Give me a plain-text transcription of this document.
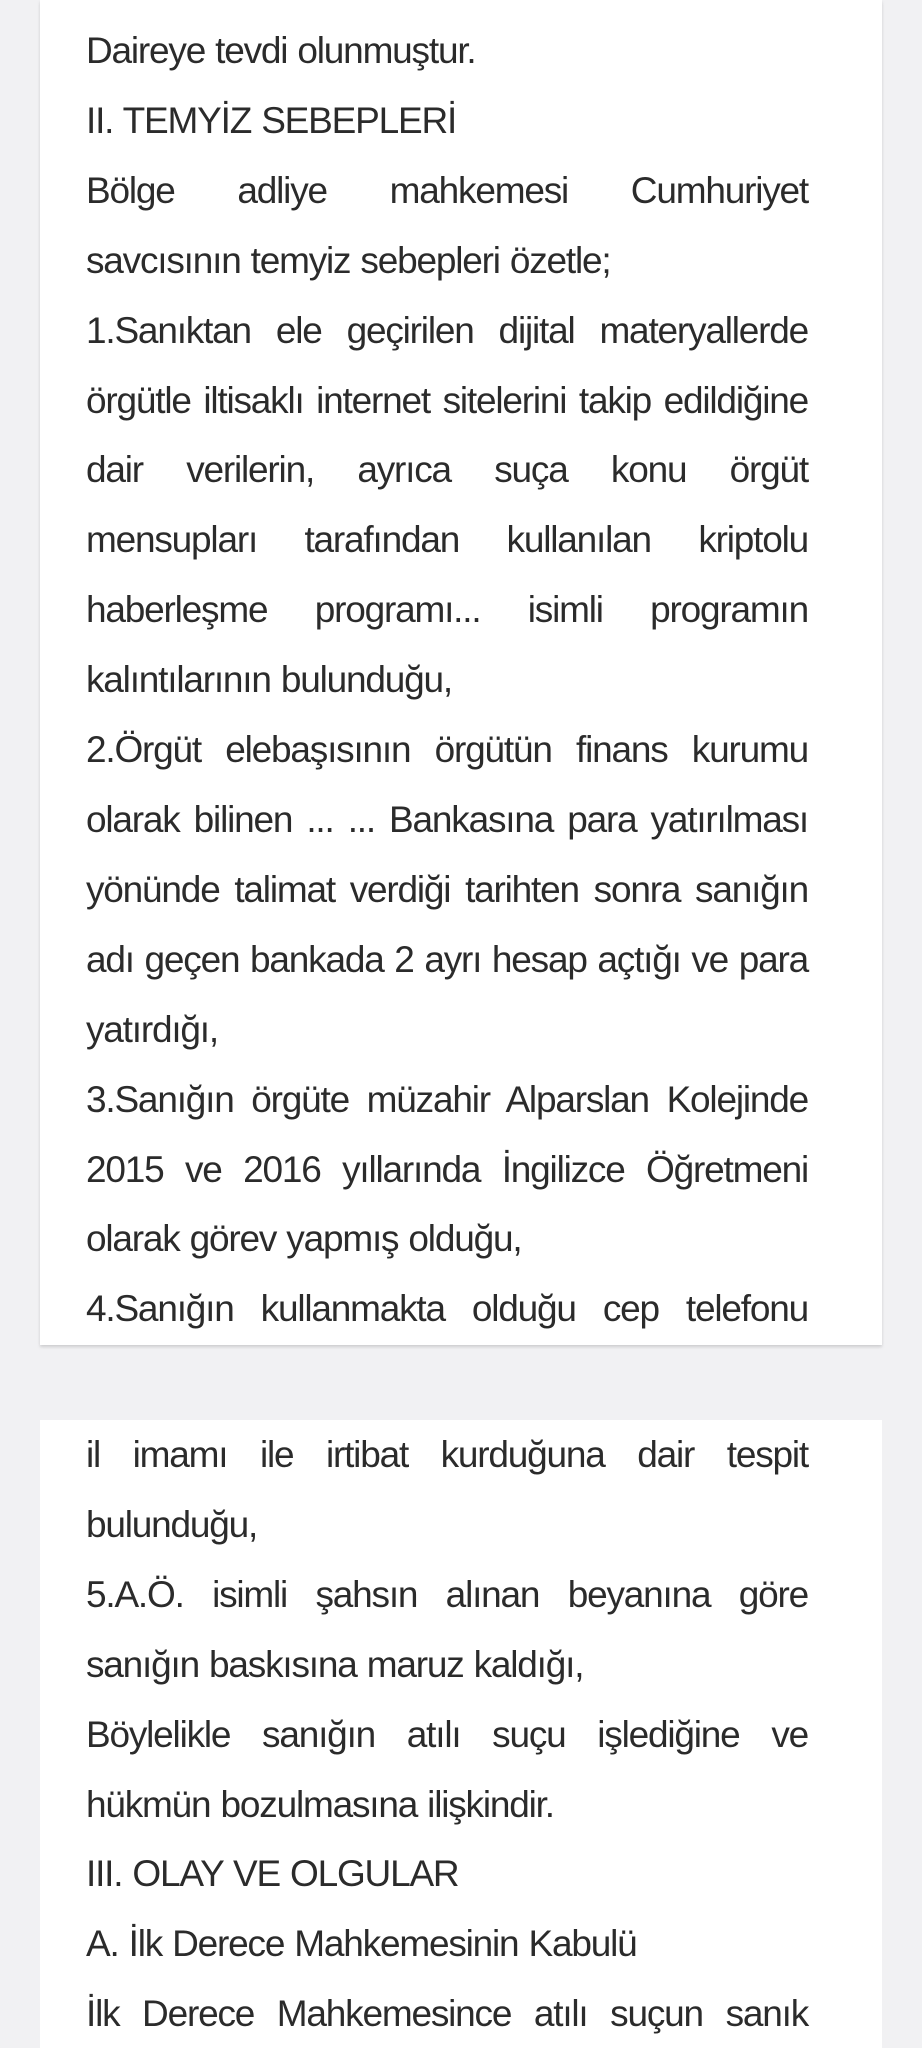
Daireye tevdi olunmuştur.

II. TEMYİZ SEBEPLERİ

Bölge adliye mahkemesi Cumhuriyet savcısının temyiz sebepleri özetle;

1.Sanıktan ele geçirilen dijital materyallerde örgütle iltisaklı internet sitelerini takip edildiğine dair verilerin, ayrıca suça konu örgüt mensupları tarafından kullanılan kriptolu haberleşme programı... isimli programın kalıntılarının bulunduğu,

2.Örgüt elebaşısının örgütün finans kurumu olarak bilinen ... ... Bankasına para yatırılması yönünde talimat verdiği tarihten sonra sanığın adı geçen bankada 2 ayrı hesap açtığı ve para yatırdığı,

3.Sanığın örgüte müzahir Alparslan Kolejinde 2015 ve 2016 yıllarında İngilizce Öğretmeni olarak görev yapmış olduğu,

4.Sanığın kullanmakta olduğu cep telefonu

il imamı ile irtibat kurduğuna dair tespit bulunduğu,

5.A.Ö. isimli şahsın alınan beyanına göre sanığın baskısına maruz kaldığı,

Böylelikle sanığın atılı suçu işlediğine ve hükmün bozulmasına ilişkindir.

III. OLAY VE OLGULAR

A. İlk Derece Mahkemesinin Kabulü

İlk Derece Mahkemesince atılı suçun sanık
